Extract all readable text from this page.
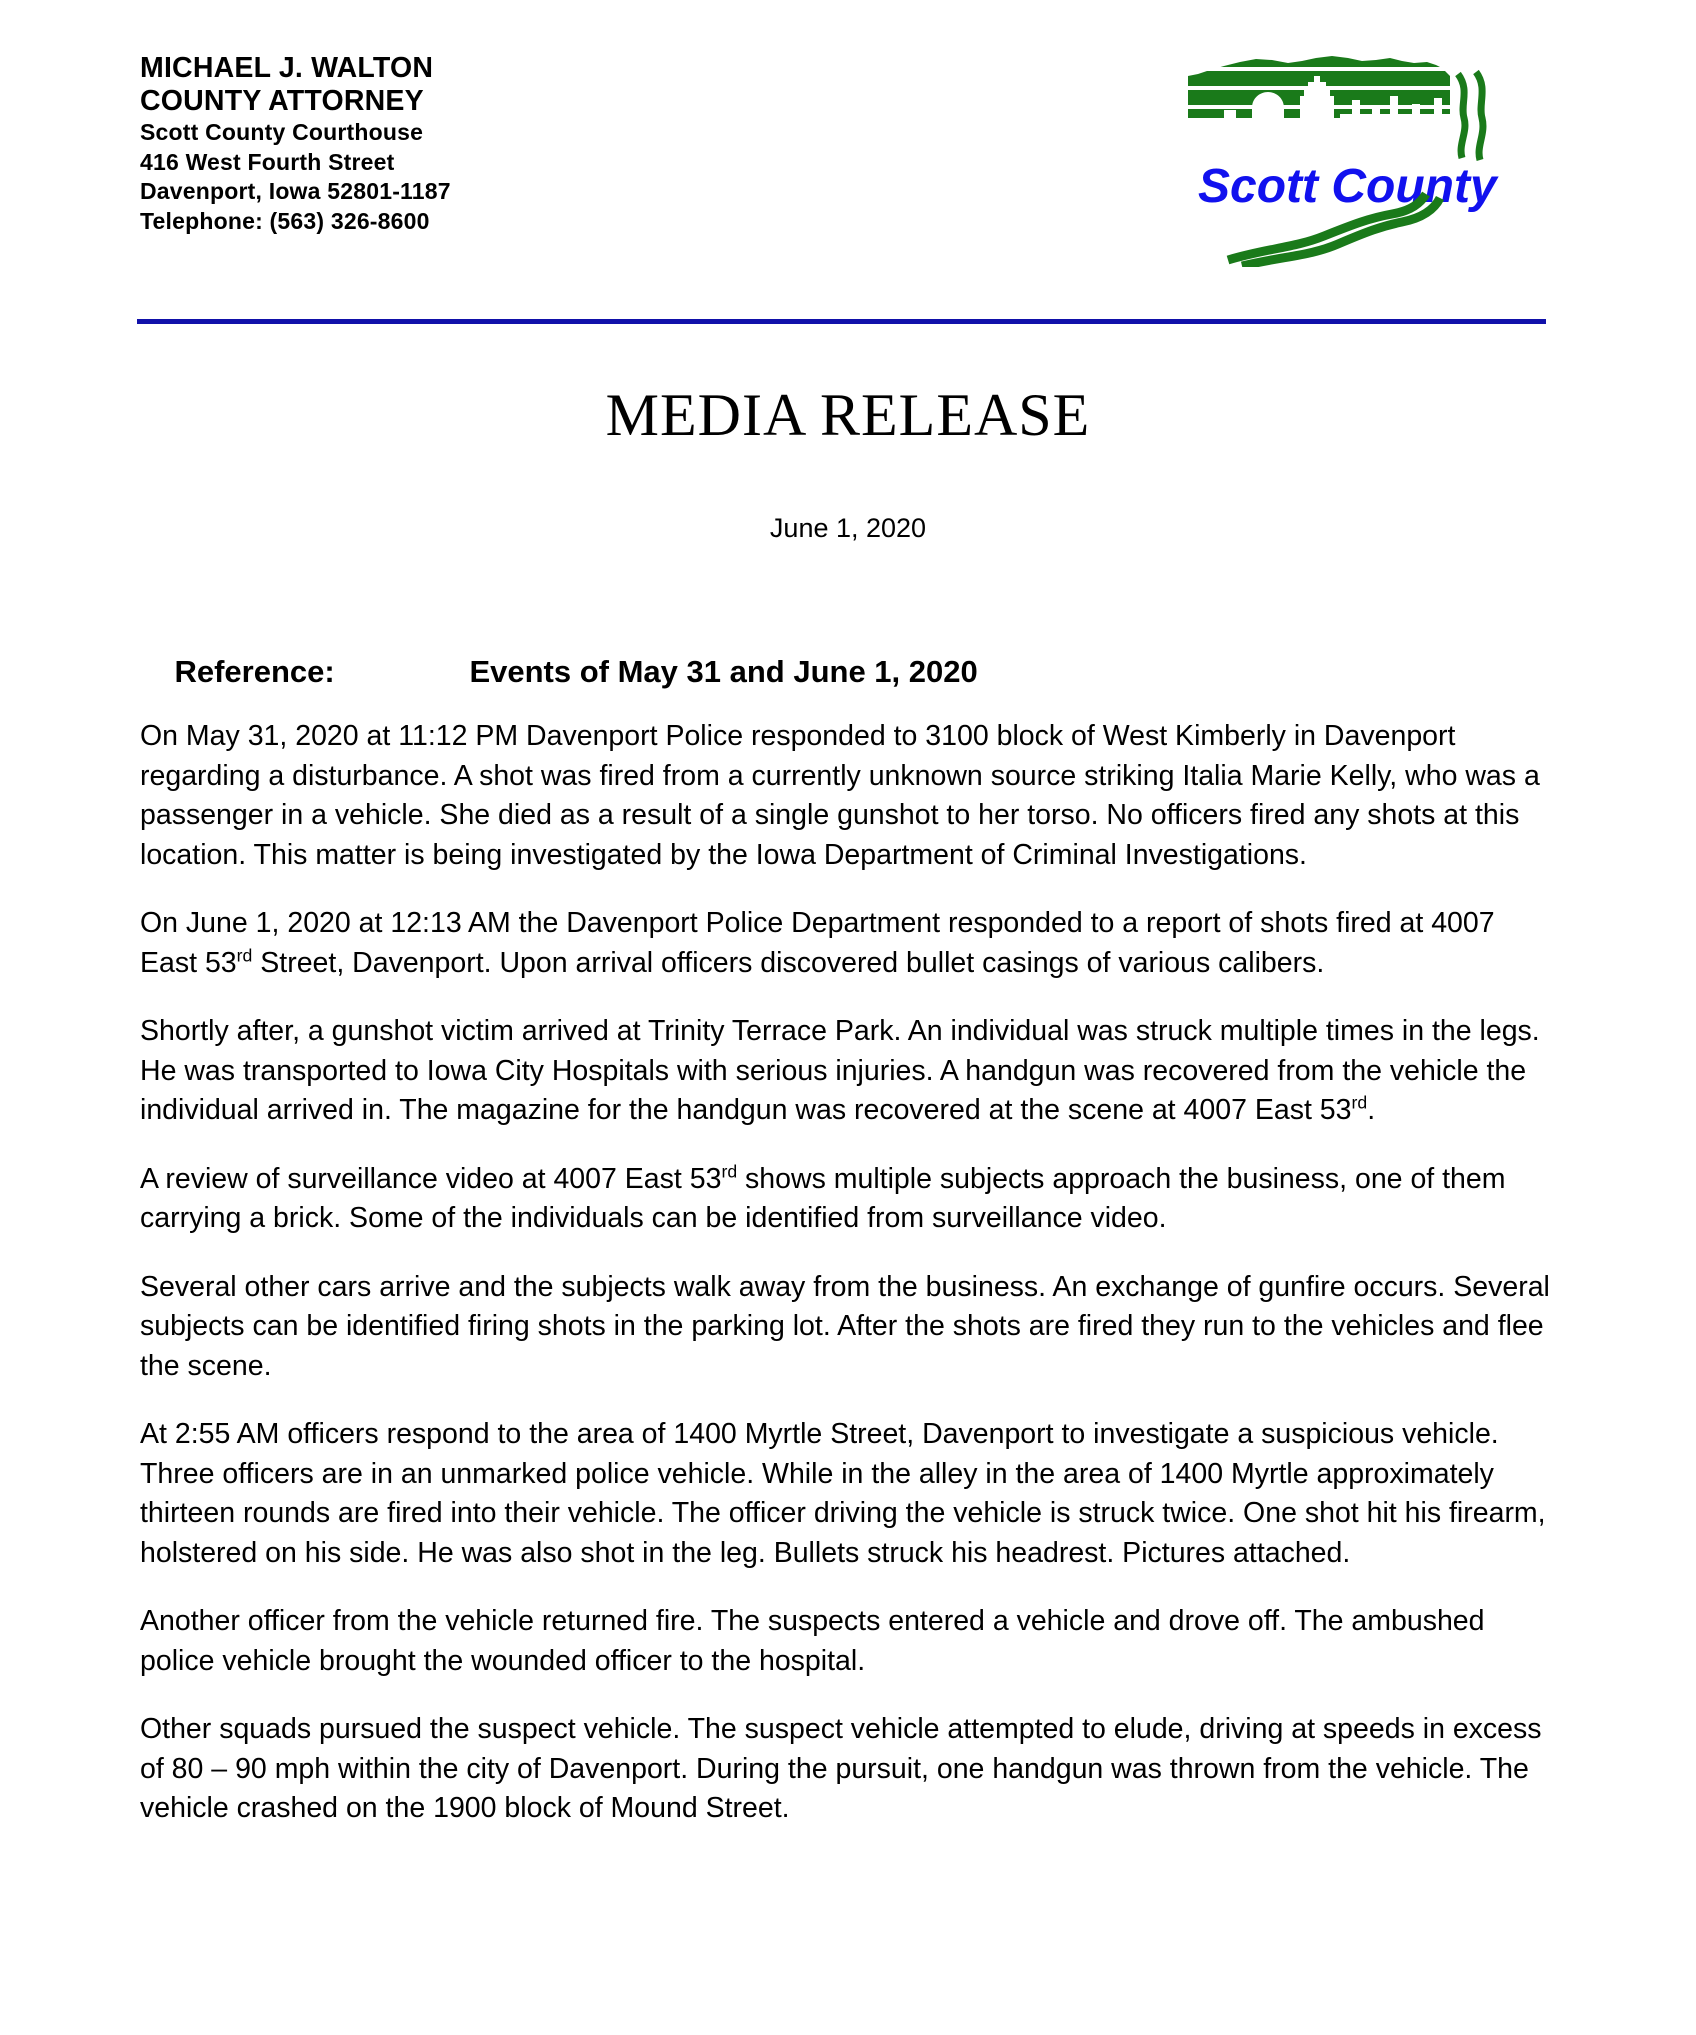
MICHAEL J. WALTON
COUNTY ATTORNEY
Scott County Courthouse
416 West Fourth Street
Davenport, Iowa 52801-1187
Telephone: (563) 326-8600
Scott County
MEDIA RELEASE
June 1, 2020

Reference:	Events of May 31 and June 1, 2020

On May 31, 2020 at 11:12 PM Davenport Police responded to 3100 block of West Kimberly in Davenport regarding a disturbance. A shot was fired from a currently unknown source striking Italia Marie Kelly, who was a passenger in a vehicle. She died as a result of a single gunshot to her torso. No officers fired any shots at this location. This matter is being investigated by the Iowa Department of Criminal Investigations.

On June 1, 2020 at 12:13 AM the Davenport Police Department responded to a report of shots fired at 4007 East 53rd Street, Davenport. Upon arrival officers discovered bullet casings of various calibers.

Shortly after, a gunshot victim arrived at Trinity Terrace Park. An individual was struck multiple times in the legs. He was transported to Iowa City Hospitals with serious injuries. A handgun was recovered from the vehicle the individual arrived in. The magazine for the handgun was recovered at the scene at 4007 East 53rd.

A review of surveillance video at 4007 East 53rd shows multiple subjects approach the business, one of them carrying a brick. Some of the individuals can be identified from surveillance video.

Several other cars arrive and the subjects walk away from the business. An exchange of gunfire occurs. Several subjects can be identified firing shots in the parking lot. After the shots are fired they run to the vehicles and flee the scene.

At 2:55 AM officers respond to the area of 1400 Myrtle Street, Davenport to investigate a suspicious vehicle. Three officers are in an unmarked police vehicle. While in the alley in the area of 1400 Myrtle approximately thirteen rounds are fired into their vehicle. The officer driving the vehicle is struck twice. One shot hit his firearm, holstered on his side. He was also shot in the leg. Bullets struck his headrest. Pictures attached.

Another officer from the vehicle returned fire. The suspects entered a vehicle and drove off. The ambushed police vehicle brought the wounded officer to the hospital.

Other squads pursued the suspect vehicle. The suspect vehicle attempted to elude, driving at speeds in excess of 80 – 90 mph within the city of Davenport. During the pursuit, one handgun was thrown from the vehicle. The vehicle crashed on the 1900 block of Mound Street.
